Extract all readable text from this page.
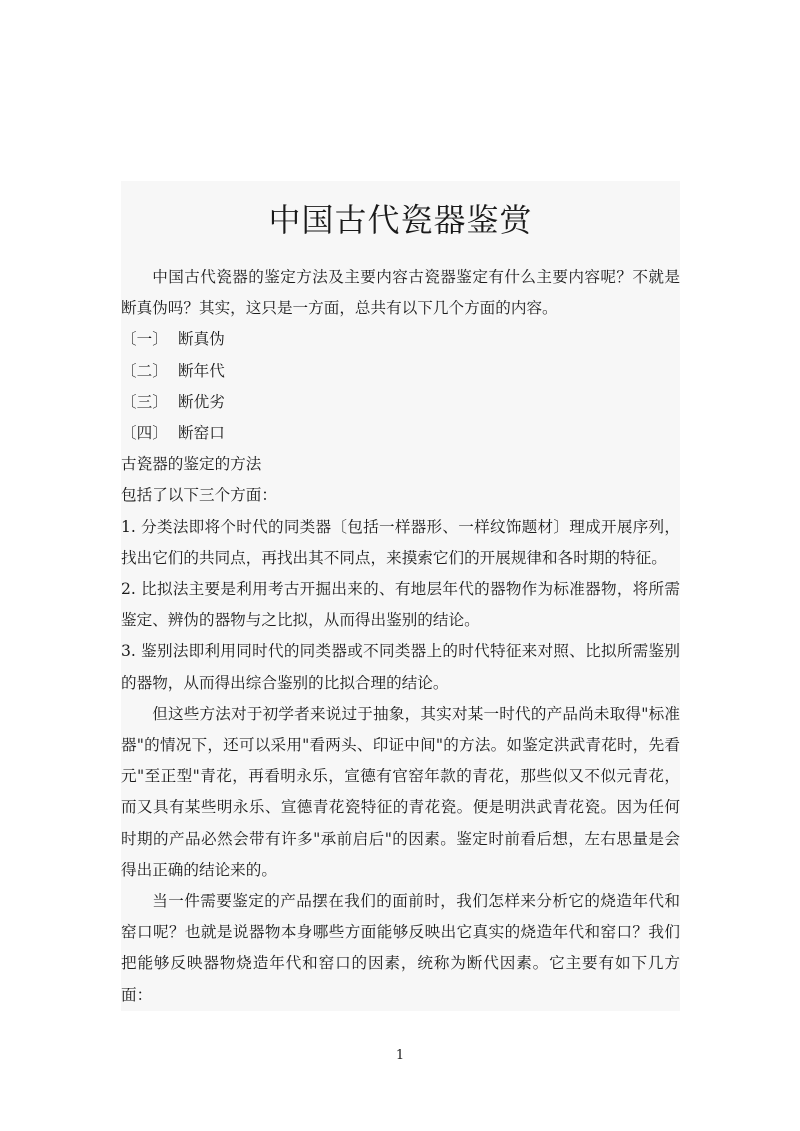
中国古代瓷器鉴赏

中国古代瓷器的鉴定方法及主要内容古瓷器鉴定有什么主要内容呢？不就是断真伪吗？其实，这只是一方面，总共有以下几个方面的内容。

〔一〕 断真伪

〔二〕 断年代

〔三〕 断优劣

〔四〕 断窑口

古瓷器的鉴定的方法

包括了以下三个方面：

1. 分类法即将个时代的同类器〔包括一样器形、一样纹饰题材〕理成开展序列，找出它们的共同点，再找出其不同点，来摸索它们的开展规律和各时期的特征。

2. 比拟法主要是利用考古开掘出来的、有地层年代的器物作为标准器物，将所需鉴定、辨伪的器物与之比拟，从而得出鉴别的结论。

3. 鉴别法即利用同时代的同类器或不同类器上的时代特征来对照、比拟所需鉴别的器物，从而得出综合鉴别的比拟合理的结论。

但这些方法对于初学者来说过于抽象，其实对某一时代的产品尚未取得"标准器"的情况下，还可以采用"看两头、印证中间"的方法。如鉴定洪武青花时，先看元"至正型"青花，再看明永乐，宣德有官窑年款的青花，那些似又不似元青花，而又具有某些明永乐、宣德青花瓷特征的青花瓷。便是明洪武青花瓷。因为任何时期的产品必然会带有许多"承前启后"的因素。鉴定时前看后想，左右思量是会得出正确的结论来的。

当一件需要鉴定的产品摆在我们的面前时，我们怎样来分析它的烧造年代和窑口呢？也就是说器物本身哪些方面能够反映出它真实的烧造年代和窑口？我们把能够反映器物烧造年代和窑口的因素，统称为断代因素。它主要有如下几方面：

1
